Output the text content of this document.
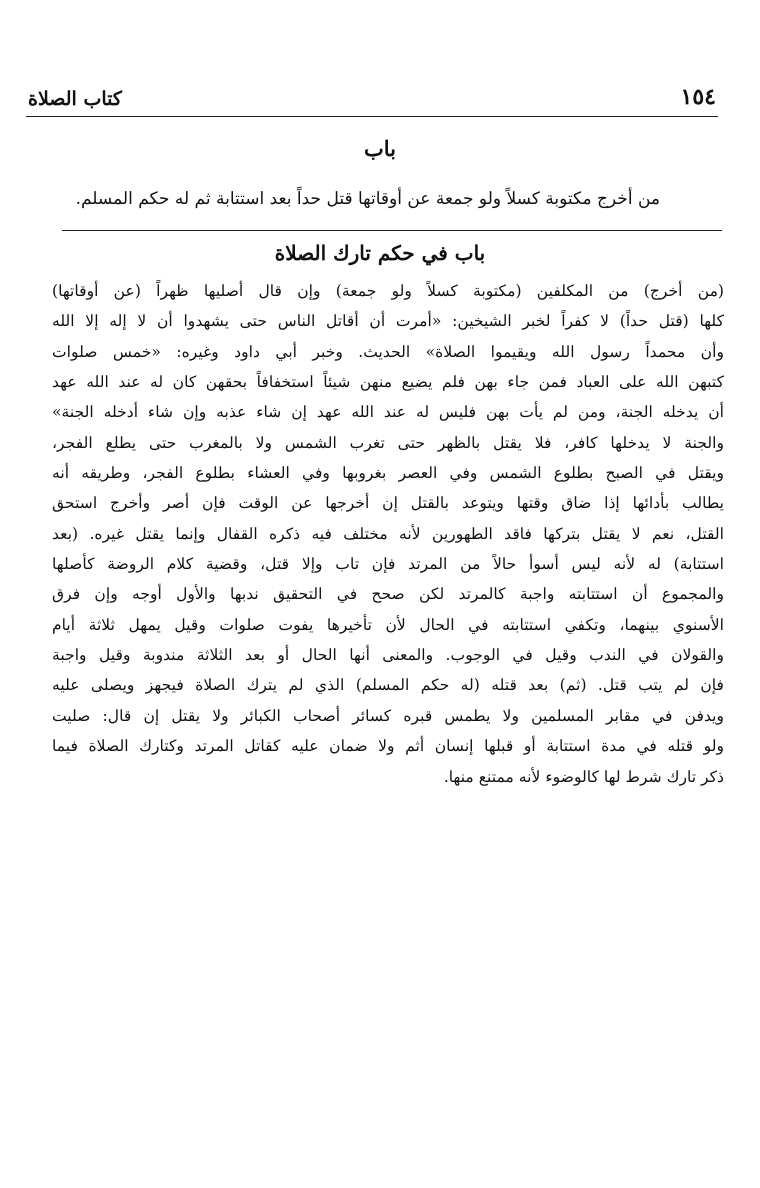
كتاب الصلاة	١٥٤
باب
من أخرج مكتوبة كسلاً ولو جمعة عن أوقاتها قتل حداً بعد استتابة ثم له حكم المسلم.
باب في حكم تارك الصلاة
(من أخرج) من المكلفين (مكتوبة كسلاً ولو جمعة) وإن قال أصليها ظهراً (عن أوقاتها)
كلها (قتل حداً) لا كفراً لخبر الشيخين: «أمرت أن أقاتل الناس حتى يشهدوا أن لا إله إلا الله
وأن محمداً رسول الله ويقيموا الصلاة» الحديث. وخبر أبي داود وغيره: «خمس صلوات
كتبهن الله على العباد فمن جاء بهن فلم يضيع منهن شيئاً استخفافاً بحقهن كان له عند الله عهد
أن يدخله الجنة، ومن لم يأت بهن فليس له عند الله عهد إن شاء عذبه وإن شاء أدخله الجنة»
والجنة لا يدخلها كافر، فلا يقتل بالظهر حتى تغرب الشمس ولا بالمغرب حتى يطلع الفجر،
ويقتل في الصبح بطلوع الشمس وفي العصر بغروبها وفي العشاء بطلوع الفجر، وطريقه أنه
يطالب بأدائها إذا ضاق وقتها ويتوعد بالقتل إن أخرجها عن الوقت فإن أصر وأخرج استحق
القتل، نعم لا يقتل بتركها فاقد الطهورين لأنه مختلف فيه ذكره القفال وإنما يقتل غيره. (بعد
استتابة) له لأنه ليس أسوأ حالاً من المرتد فإن تاب وإلا قتل، وقضية كلام الروضة كأصلها
والمجموع أن استتابته واجبة كالمرتد لكن صحح في التحقيق ندبها والأول أوجه وإن فرق
الأسنوي بينهما، وتكفي استتابته في الحال لأن تأخيرها يفوت صلوات وقيل يمهل ثلاثة أيام
والقولان في الندب وقيل في الوجوب. والمعنى أنها الحال أو بعد الثلاثة مندوبة وقيل واجبة
فإن لم يتب قتل. (ثم) بعد قتله (له حكم المسلم) الذي لم يترك الصلاة فيجهز ويصلى عليه
ويدفن في مقابر المسلمين ولا يطمس قبره كسائر أصحاب الكبائر ولا يقتل إن قال: صليت
ولو قتله في مدة استتابة أو قبلها إنسان أثم ولا ضمان عليه كقاتل المرتد وكتارك الصلاة فيما
ذكر تارك شرط لها كالوضوء لأنه ممتنع منها.
